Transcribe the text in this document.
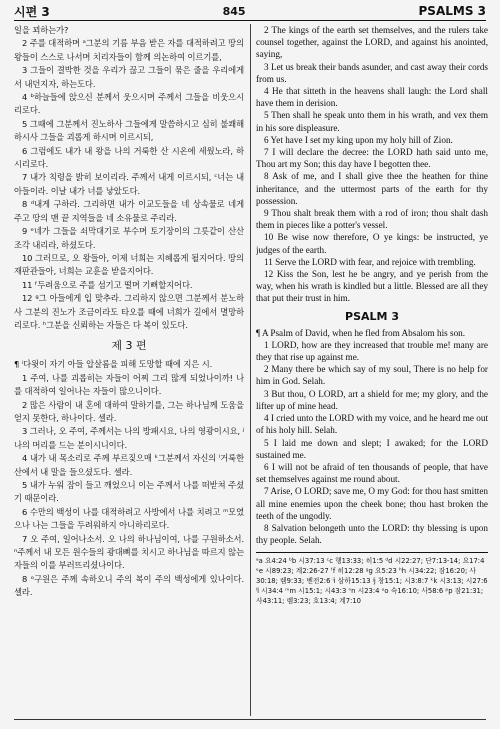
시편 3	845	PSALMS 3

일을 꾀하는가?

2 주를 대적하며 ᵃ그분의 기름 부음 받은 자를 대적하려고 땅의 왕들이 스스로 나서며 치리자들이 함께 의논하여 이르기를,

3 그들이 결박한 것을 우리가 끊고 그들이 묶은 줄을 우리에게서 내던지자, 하는도다.

4 ᵇ하늘들에 앉으신 분께서 웃으시며 주께서 그들을 비웃으시리로다.

5 그때에 그분께서 진노하사 그들에게 말씀하시고 심히 불쾌해 하시사 그들을 괴롭게 하시며 이르시되,

6 그럼에도 내가 내 왕을 나의 거룩한 산 시온에 세웠노라, 하시리로다.

7 내가 칙령을 밝히 보이리라. 주께서 내게 이르시되, ᶜ너는 내 아들이라. 이날 내가 너를 낳았도다.

8 ᵈ내게 구하라. 그리하면 내가 이교도들을 네 상속물로 네게 주고 땅의 맨 끝 지역들을 네 소유물로 주리라.

9 ᵉ네가 그들을 쇠막대기로 부수며 토기장이의 그릇같이 산산조각 내리라, 하셨도다.

10 그러므로, 오 왕들아, 이제 너희는 지혜롭게 될지어다. 땅의 재판관들아, 너희는 교훈을 받을지어다.

11 ᶠ두려움으로 주를 섬기고 떨며 기뻐할지어다.

12 ᵍ그 아들에게 입 맞추라. 그리하지 않으면 그분께서 분노하사 그분의 진노가 조금이라도 타오를 때에 너희가 길에서 멸망하리로다. ʰ그분을 신뢰하는 자들은 다 복이 있도다.

제 3 편

¶ ⁱ다윗이 자기 아들 압살롬을 피해 도망할 때에 지은 시.

1 주여, 나를 괴롭히는 자들이 어찌 그리 많게 되었나이까! 나를 대적하여 일어나는 자들이 많으니이다.

2 많은 사람이 내 혼에 대하여 말하기를, 그는 하나님께 도움을 얻지 못한다, 하나이다. 셀라.

3 그러나, 오 주여, 주께서는 나의 방패시요, 나의 영광이시요, ʲ나의 머리를 드는 분이시니이다.

4 내가 내 목소리로 주께 부르짖으매 ᵏ그분께서 자신의 ˡ거룩한 산에서 내 말을 들으셨도다. 셀라.

5 내가 누워 잠이 들고 깨었으니 이는 주께서 나를 떠받쳐 주셨기 때문이라.

6 수만의 백성이 나를 대적하려고 사방에서 나를 치려고 ᵐ모였으나 나는 그들을 두려워하지 아니하리로다.

7 오 주여, 일어나소서. 오 나의 하나님이여, 나를 구원하소서. ⁿ주께서 내 모든 원수들의 광대뼈를 치시고 하나님을 따르지 않는 자들의 이를 부러뜨리셨나이다.

8 ᵒ구원은 주께 속하오니 주의 복이 주의 백성에게 있나이다. 셀라.

2 The kings of the earth set themselves, and the rulers take counsel together, against the LORD, and against his anointed, saying,

3 Let us break their bands asunder, and cast away their cords from us.

4 He that sitteth in the heavens shall laugh: the Lord shall have them in derision.

5 Then shall he speak unto them in his wrath, and vex them in his sore displeasure.

6 Yet have I set my king upon my holy hill of Zion.

7 I will declare the decree: the LORD hath said unto me, Thou art my Son; this day have I begotten thee.

8 Ask of me, and I shall give thee the heathen for thine inheritance, and the uttermost parts of the earth for thy possession.

9 Thou shalt break them with a rod of iron; thou shalt dash them in pieces like a potter's vessel.

10 Be wise now therefore, O ye kings: be instructed, ye judges of the earth.

11 Serve the LORD with fear, and rejoice with trembling.

12 Kiss the Son, lest he be angry, and ye perish from the way, when his wrath is kindled but a little. Blessed are all they that put their trust in him.

PSALM 3

¶ A Psalm of David, when he fled from Absalom his son.

1 LORD, how are they increased that trouble me! many are they that rise up against me.

2 Many there be which say of my soul, There is no help for him in God. Selah.

3 But thou, O LORD, art a shield for me; my glory, and the lifter up of mine head.

4 I cried unto the LORD with my voice, and he heard me out of his holy hill. Selah.

5 I laid me down and slept; I awaked; for the LORD sustained me.

6 I will not be afraid of ten thousands of people, that have set themselves against me round about.

7 Arise, O LORD; save me, O my God: for thou hast smitten all mine enemies upon the cheek bone; thou hast broken the teeth of the ungodly.

8 Salvation belongeth unto the LORD: thy blessing is upon thy people. Selah.

ᵃa 요4:24 ᵇb 시37:13 ᶜc 행13:33; 히1:5 ᵈd 시22:27; 단7:13-14; 요17:4 ᵉe 시89:23; 계2:26-27 ᶠf 히12:28 ᵍg 요5:23 ʰh 시34:22; 잠16:20; 사30:18; 렘9:33; 벧전2:6 ⁱi 삼하15:13 ʲj 창15:1; 시3:8:7 ᵏk 시3:13; 시27:6 ˡl 시34:4 ᵐm 시15:1; 시43:3 ⁿn 시23:4 ᵒo 슥16:10; 사58:6 ᵖp 잠21:31; 사43:11; 렘3:23; 호13:4; 계7:10
